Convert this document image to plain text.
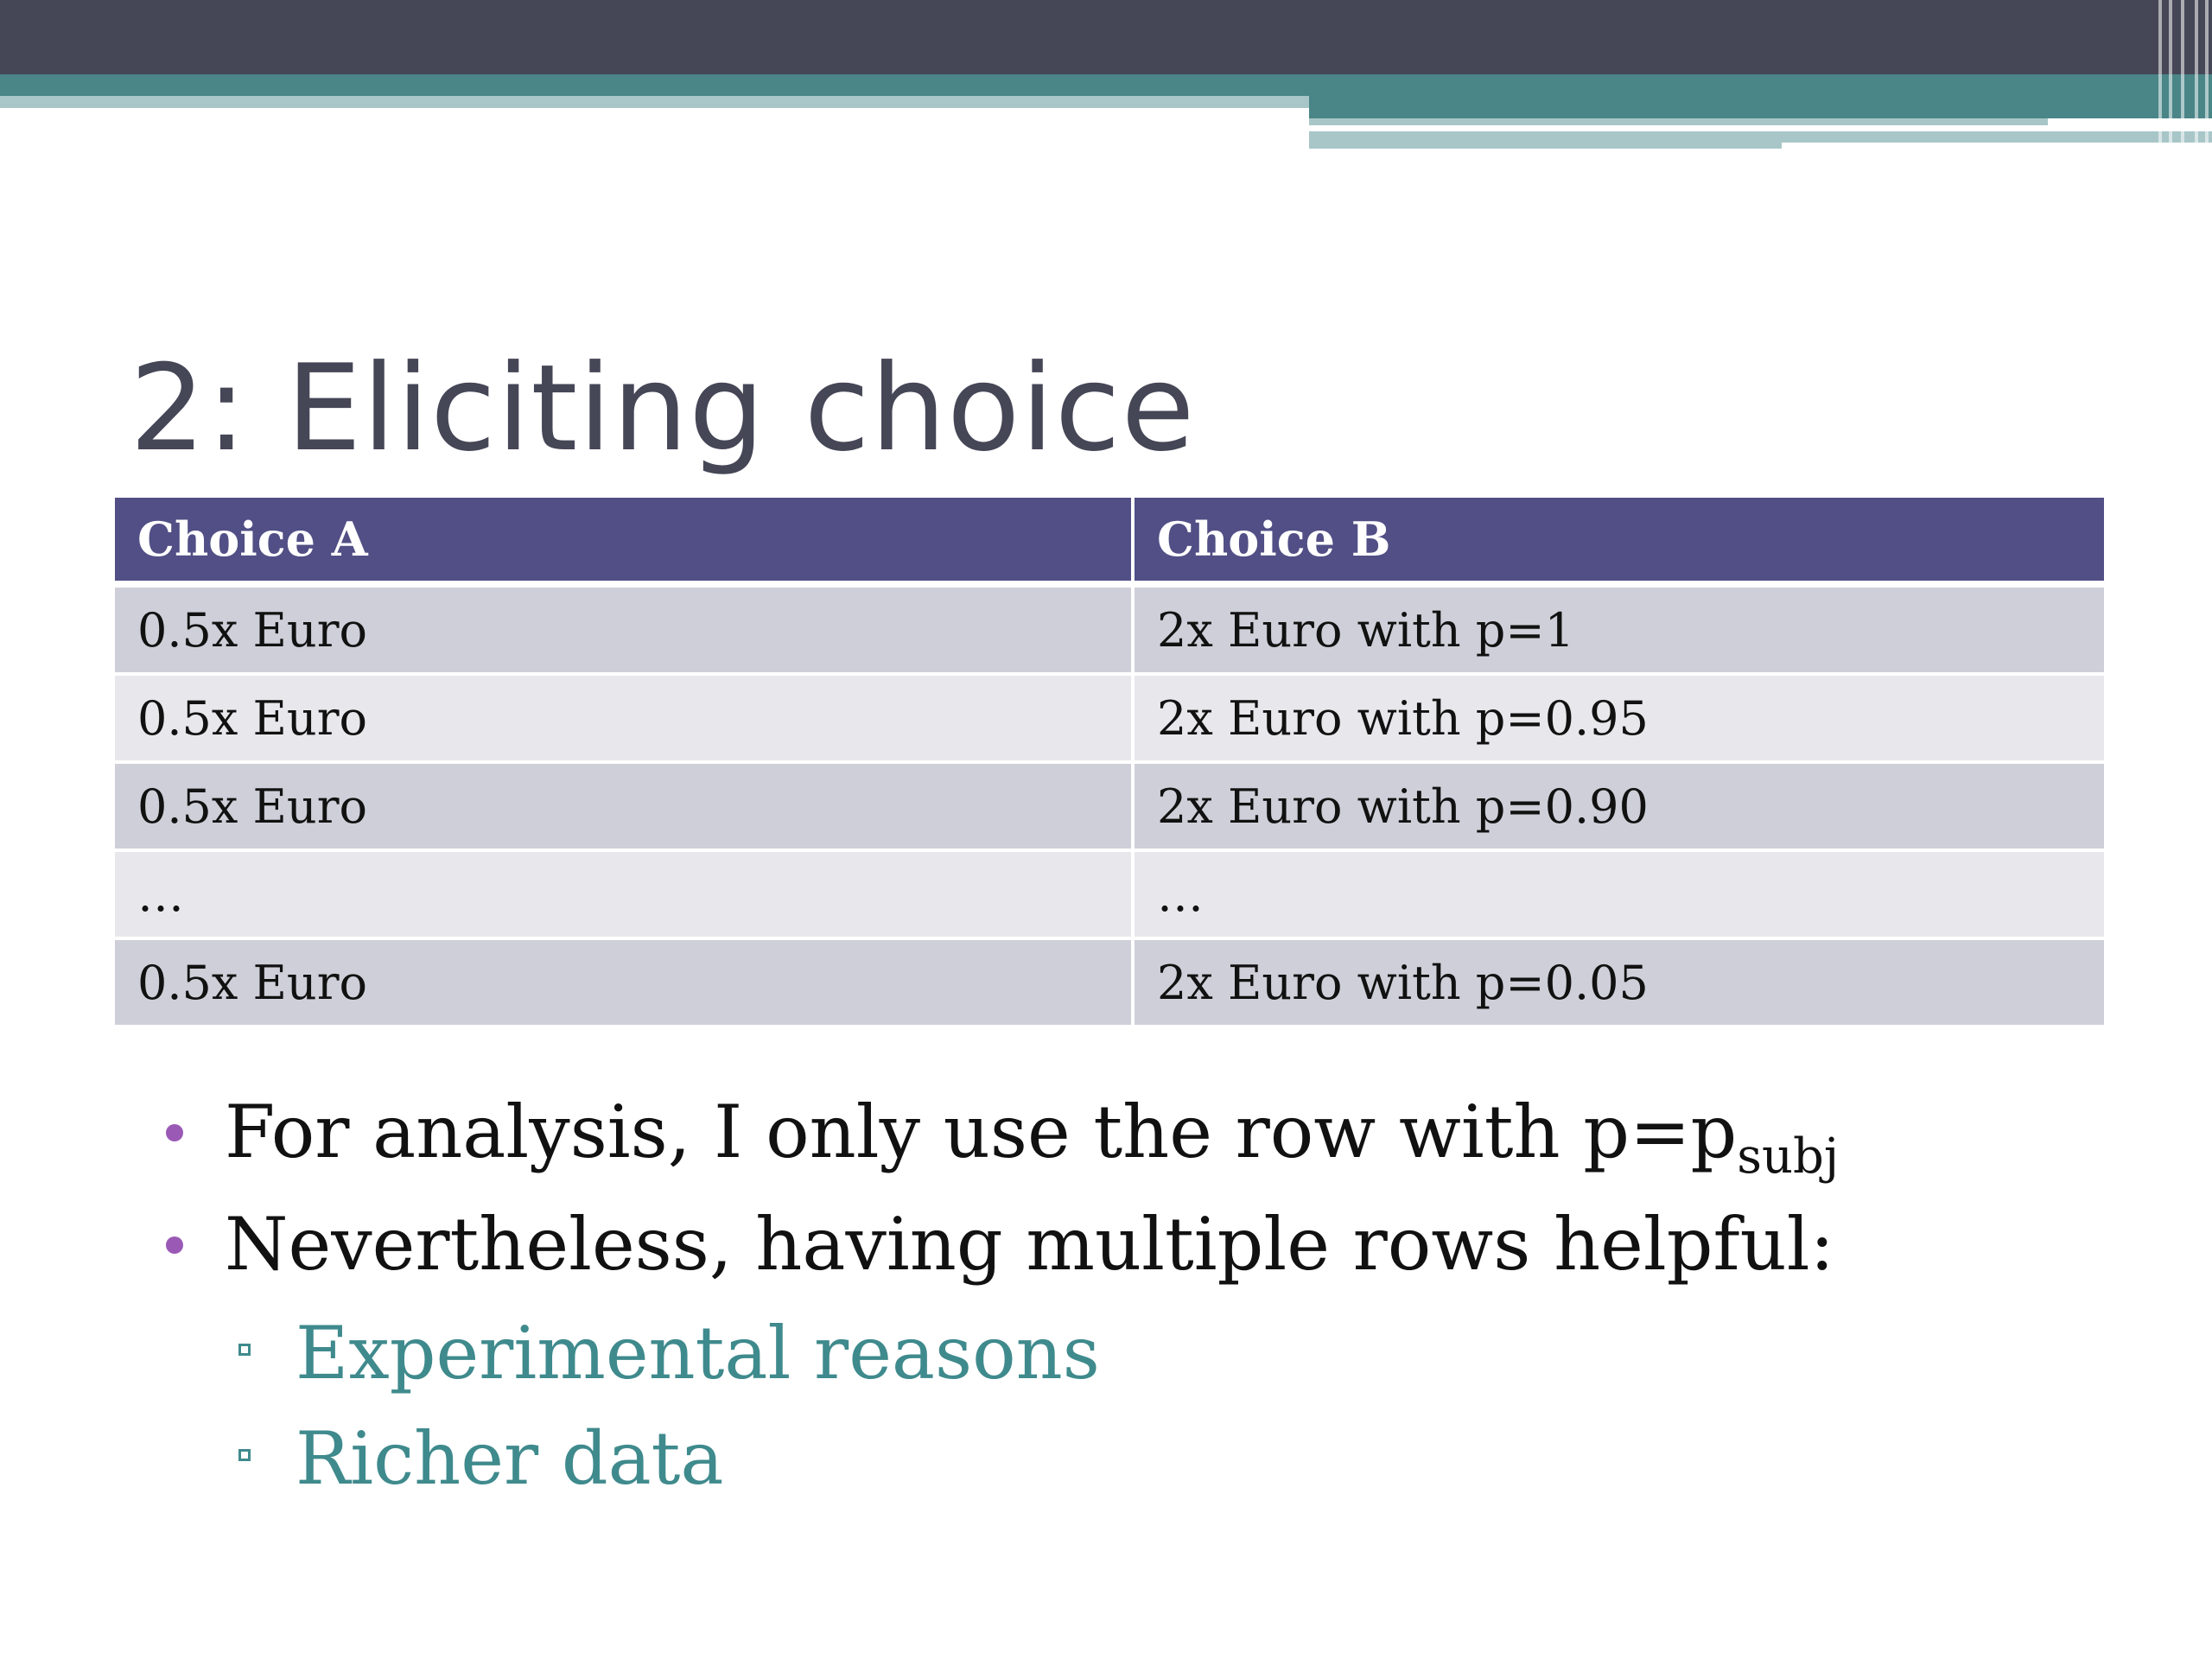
2: Eliciting choice
Choice A	Choice B
0.5x Euro	2x Euro with p=1
0.5x Euro	2x Euro with p=0.95
0.5x Euro	2x Euro with p=0.90
…	…
0.5x Euro	2x Euro with p=0.05
For analysis, I only use the row with $p=p_{subj}$
Nevertheless, having multiple rows helpful:
Experimental reasons
Richer data
